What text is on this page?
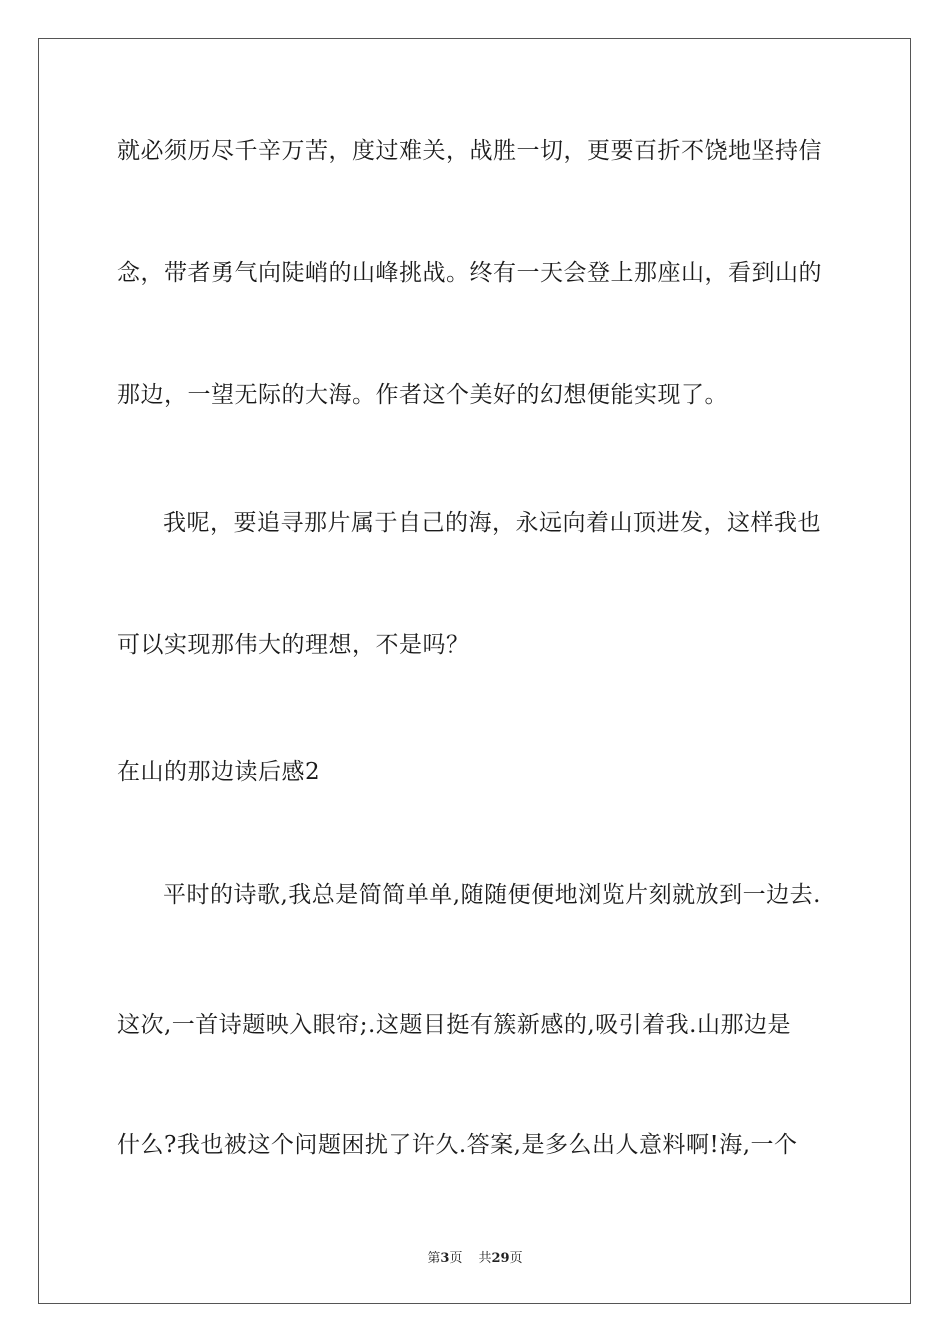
就必须历尽千辛万苦，度过难关，战胜一切，更要百折不饶地坚持信
念，带者勇气向陡峭的山峰挑战。终有一天会登上那座山，看到山的
那边，一望无际的大海。作者这个美好的幻想便能实现了。
我呢，要追寻那片属于自己的海，永远向着山顶进发，这样我也
可以实现那伟大的理想，不是吗？
在山的那边读后感2
平时的诗歌,我总是简简单单,随随便便地浏览片刻就放到一边去.
这次,一首诗题映入眼帘;.这题目挺有簇新感的,吸引着我.山那边是
什么?我也被这个问题困扰了许久.答案,是多么出人意料啊!海,一个
第3页 共29页
